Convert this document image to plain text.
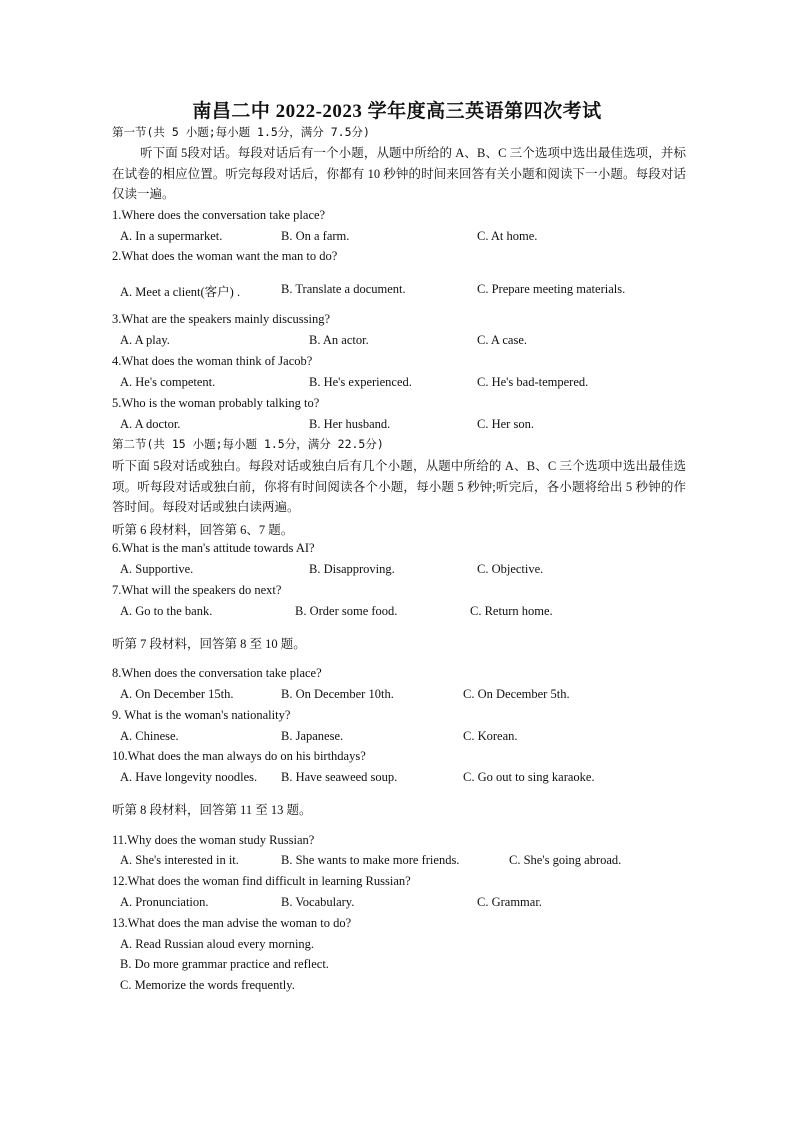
南昌二中 2022-2023 学年度高三英语第四次考试
第一节(共 5 小题;每小题 1.5分，满分 7.5分)
听下面 5段对话。每段对话后有一个小题，从题中所给的 A、B、C 三个选项中选出最佳选项，并标在试卷的相应位置。听完每段对话后，你都有 10 秒钟的时间来回答有关小题和阅读下一小题。每段对话仅读一遍。
1.Where does the conversation take place?
A. In a supermarket.	B. On a farm.	C. At home.
2.What does the woman want the man to do?
A. Meet a client(客户) .	B. Translate a document.	C. Prepare meeting materials.
3.What are the speakers mainly discussing?
A. A play.	B. An actor.	C. A case.
4.What does the woman think of Jacob?
A. He's competent.	B. He's experienced.	C. He's bad-tempered.
5.Who is the woman probably talking to?
A. A doctor.	B. Her husband.	C. Her son.
第二节(共 15 小题;每小题 1.5分，满分 22.5分)
听下面 5段对话或独白。每段对话或独白后有几个小题，从题中所给的 A、B、C 三个选项中选出最佳选项。听每段对话或独白前，你将有时间阅读各个小题，每小题 5 秒钟;听完后，各小题将给出 5 秒钟的作答时间。每段对话或独白读两遍。
听第 6 段材料，回答第 6、7 题。
6.What is the man's attitude towards AI?
A. Supportive.	B. Disapproving.	C. Objective.
7.What will the speakers do next?
A. Go to the bank.	B. Order some food.	C. Return home.
听第 7 段材料，回答第 8 至 10 题。
8.When does the conversation take place?
A. On December 15th.	B. On December 10th.	C. On December 5th.
9. What is the woman's nationality?
A. Chinese.	B. Japanese.	C. Korean.
10.What does the man always do on his birthdays?
A. Have longevity noodles. B. Have seaweed soup.	C. Go out to sing karaoke.
听第 8 段材料，回答第 11 至 13 题。
11.Why does the woman study Russian?
A. She's interested in it.	B. She wants to make more friends.	C. She's going abroad.
12.What does the woman find difficult in learning Russian?
A. Pronunciation.	B. Vocabulary.	C. Grammar.
13.What does the man advise the woman to do?
A. Read Russian aloud every morning.
B. Do more grammar practice and reflect.
C. Memorize the words frequently.
